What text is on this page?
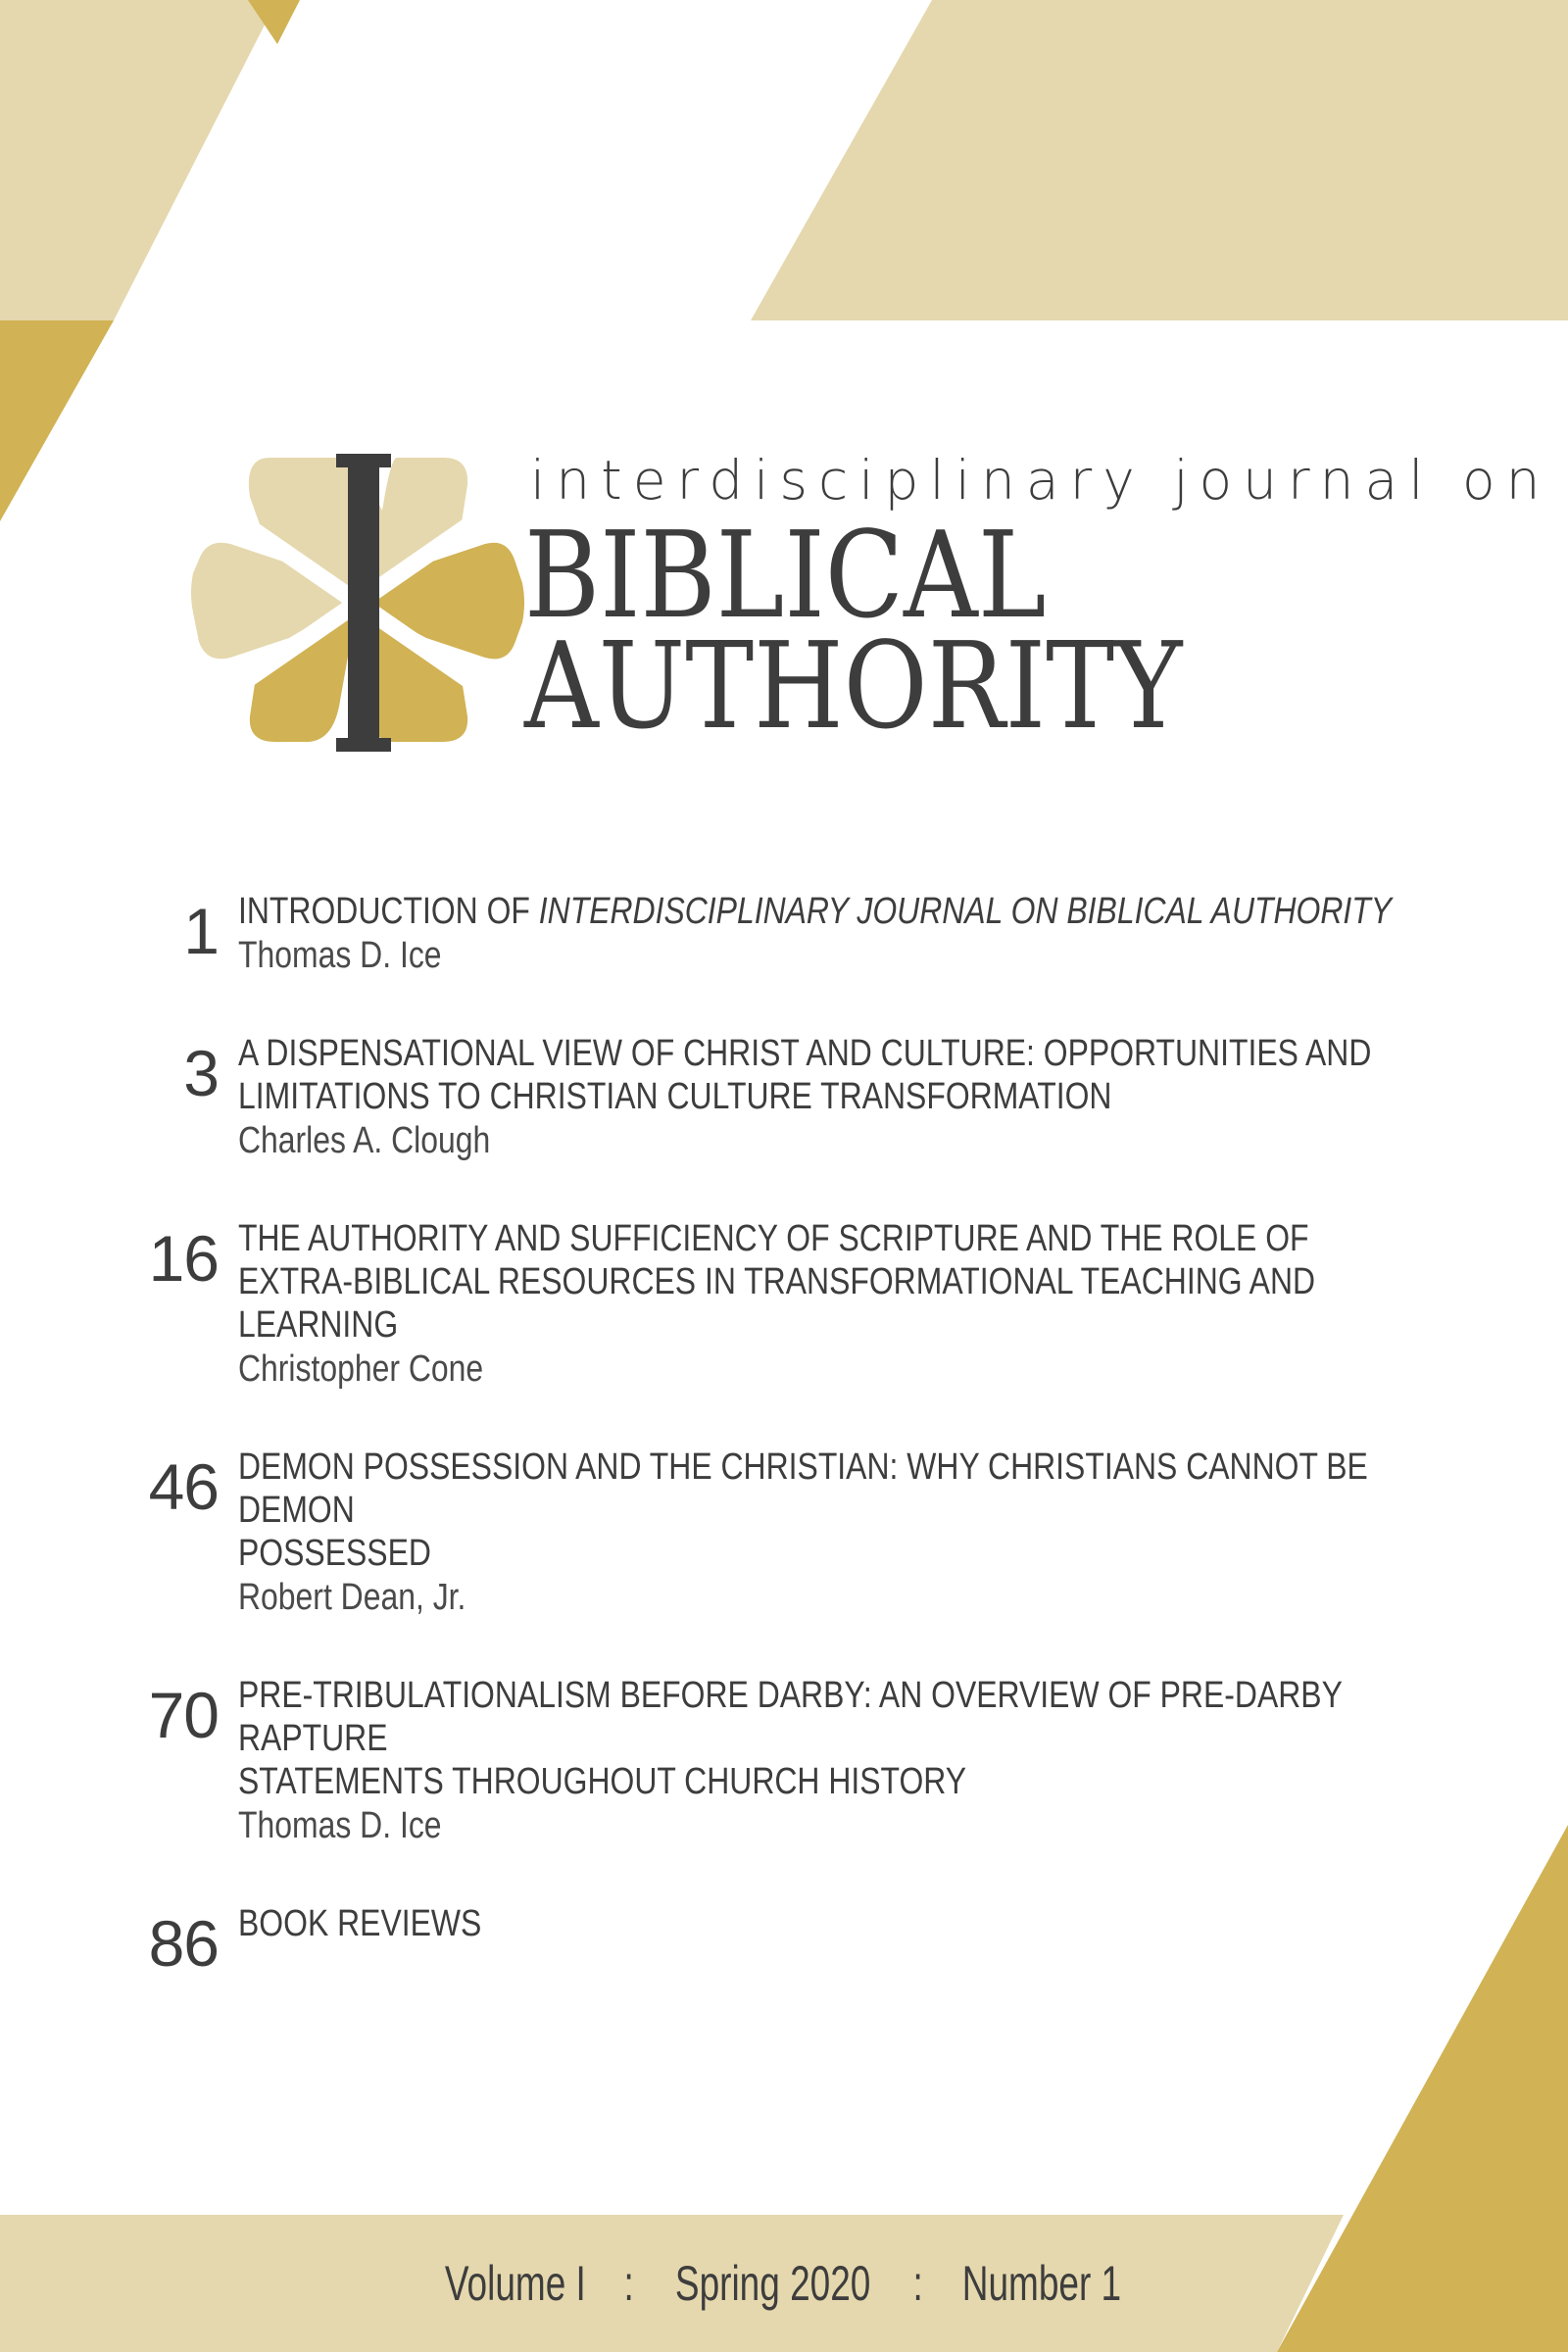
interdisciplinary journal on
BIBLICAL
AUTHORITY
1 INTRODUCTION OF INTERDISCIPLINARY JOURNAL ON BIBLICAL AUTHORITY

Thomas D. Ice

3 A DISPENSATIONAL VIEW OF CHRIST AND CULTURE: OPPORTUNITIES AND
LIMITATIONS TO CHRISTIAN CULTURE TRANSFORMATION

Charles A. Clough

16 THE AUTHORITY AND SUFFICIENCY OF SCRIPTURE AND THE ROLE OF
EXTRA-BIBLICAL RESOURCES IN TRANSFORMATIONAL TEACHING AND LEARNING

Christopher Cone

46 DEMON POSSESSION AND THE CHRISTIAN: WHY CHRISTIANS CANNOT BE DEMON
POSSESSED

Robert Dean, Jr.

70 PRE-TRIBULATIONALISM BEFORE DARBY: AN OVERVIEW OF PRE-DARBY RAPTURE
STATEMENTS THROUGHOUT CHURCH HISTORY

Thomas D. Ice

86 BOOK REVIEWS

Volume I : Spring 2020 : Number 1
